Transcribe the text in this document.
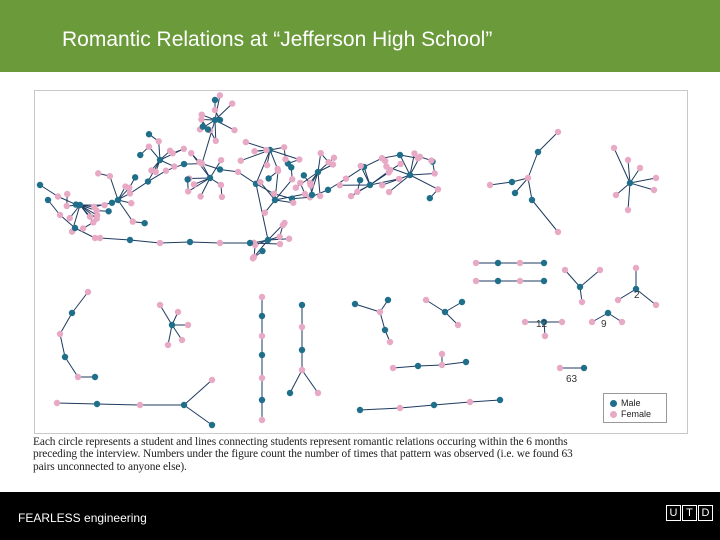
Romantic Relations at “Jefferson High School”
Male
Female
2
12	9
63
Each circle represents a student and lines connecting students represent romantic relations occuring within the 6 months
preceding the interview. Numbers under the figure count the number of times that pattern was observed (i.e. we found 63
pairs unconnected to anyone else).
FEARLESS engineering	U T D
